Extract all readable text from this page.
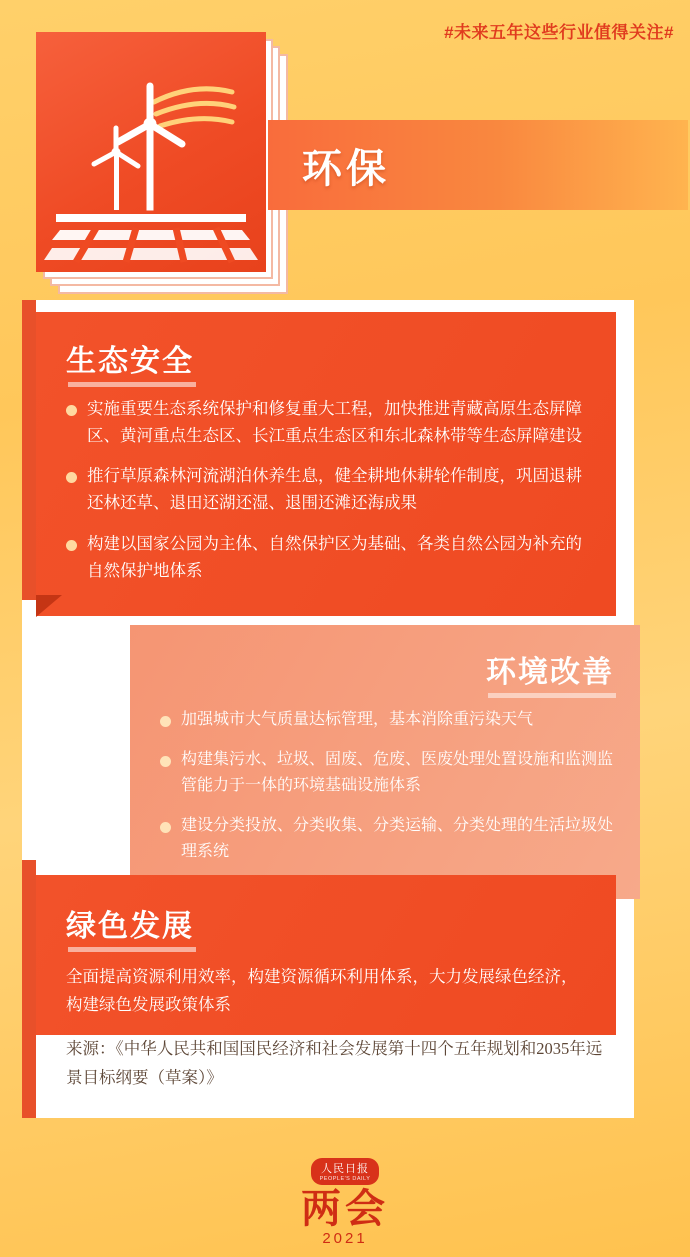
#未来五年这些行业值得关注#
环保
生态安全
实施重要生态系统保护和修复重大工程，加快推进青藏高原生态屏障区、黄河重点生态区、长江重点生态区和东北森林带等生态屏障建设
推行草原森林河流湖泊休养生息，健全耕地休耕轮作制度，巩固退耕还林还草、退田还湖还湿、退围还滩还海成果
构建以国家公园为主体、自然保护区为基础、各类自然公园为补充的自然保护地体系
环境改善
加强城市大气质量达标管理，基本消除重污染天气
构建集污水、垃圾、固废、危废、医废处理处置设施和监测监管能力于一体的环境基础设施体系
建设分类投放、分类收集、分类运输、分类处理的生活垃圾处理系统
绿色发展
全面提高资源利用效率，构建资源循环利用体系，大力发展绿色经济，构建绿色发展政策体系
来源：《中华人民共和国国民经济和社会发展第十四个五年规划和2035年远景目标纲要（草案）》
人民日报
PEOPLE'S DAILY
两会
2021
